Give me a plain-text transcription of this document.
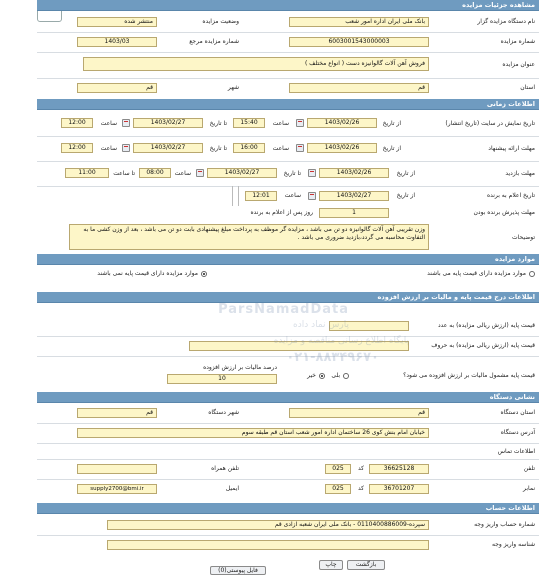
مشاهده جزئیات مزایده
نام دستگاه مزایده گزار
بانک ملی ایران اداره امور شعب
وضعیت مزایده
منتشر شده
شماره مزایده
6003001543000003
شماره مزایده مرجع
1403/03
عنوان مزایده
فروش آهن آلات گالوانیزه دست ( انواع مختلف )
استان
قم
شهر
قم
اطلاعات زمانی
تاریخ نمایش در سایت (تاریخ انتشار)
از تاریخ
1403/02/26
ساعت
15:40
تا تاریخ
1403/02/27
ساعت
12:00
مهلت ارائه پیشنهاد
از تاریخ
1403/02/26
ساعت
16:00
تا تاریخ
1403/02/27
ساعت
12:00
مهلت بازدید
از تاریخ
1403/02/26
تا تاریخ
1403/02/27
ساعت
08:00
تا ساعت
11:00
تاریخ اعلام به برنده
از تاریخ
1403/02/27
ساعت
12:01
مهلت پذیرش برنده بودن
1
روز پس از اعلام به برنده
توضیحات
وزن تقریبی آهن آلات گالوانیزه دو تن می باشد ، مزایده گر موظف به پرداخت مبلغ پیشنهادی بابت دو تن می باشد ، بعد از وزن کشی ما به التفاوت محاسبه می گردد،بازدید ضروری می باشد .
موارد مزایده
موارد مزایده دارای قیمت پایه می باشند
موارد مزایده دارای قیمت پایه نمی باشند
اطلاعات درج قیمت پایه و مالیات بر ارزش افزوده
قیمت پایه (ارزش ریالی مزایده) به عدد
قیمت پایه (ارزش ریالی مزایده) به حروف
قیمت پایه مشمول مالیات بر ارزش افزوده می شود؟
بلی
خیر
درصد مالیات بر ارزش افزوده
10
نشانی دستگاه
استان دستگاه
قم
شهر دستگاه
قم
آدرس دستگاه
خیابان امام بنش کوی 26 ساختمان اداره امور شعب استان قم طبقه سوم
اطلاعات تماس
تلفن
36625128
کد
025
تلفن همراه
نمابر
36701207
کد
025
ایمیل
supply2700@bmi.ir
اطلاعات حساب
شماره حساب واریز وجه
سپرده-0110400886009 - بانک ملی ایران شعبه آزادی قم
شناسه واریز وجه
بازگشت
چاپ
ParsNamadData
پارس نماد داده
پایگاه اطلاع رسانی مناقصه و مزایده
۰۲۱-۸۸۳۴۹۶۷۰
فایل پیوستی(0)
